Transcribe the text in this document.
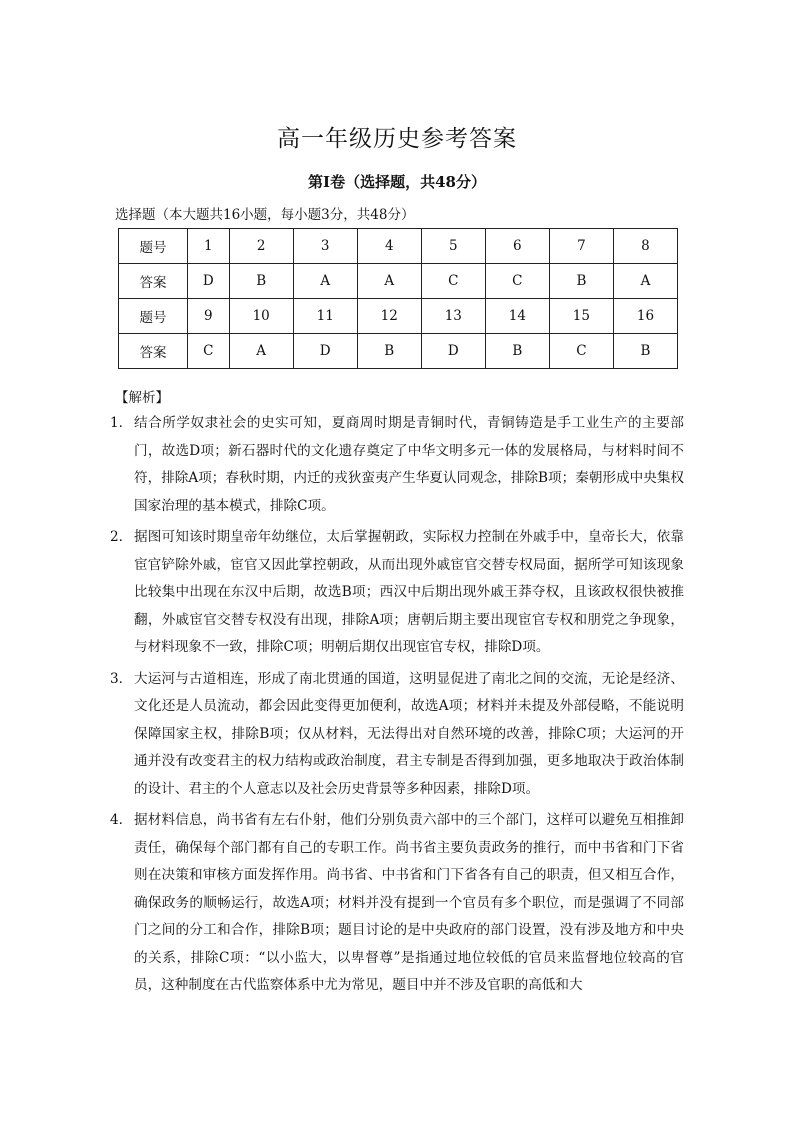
高一年级历史参考答案
第Ⅰ卷（选择题，共48分）
选择题（本大题共16小题，每小题3分，共48分）
题号	1	2	3	4	5	6	7	8
答案	D	B	A	A	C	C	B	A
题号	9	10	11	12	13	14	15	16
答案	C	A	D	B	D	B	C	B
【解析】
1． 结合所学奴隶社会的史实可知，夏商周时期是青铜时代，青铜铸造是手工业生产的主要部门，故选D项；新石器时代的文化遗存奠定了中华文明多元一体的发展格局，与材料时间不符，排除A项；春秋时期，内迁的戎狄蛮夷产生华夏认同观念，排除B项；秦朝形成中央集权国家治理的基本模式，排除C项。
2． 据图可知该时期皇帝年幼继位，太后掌握朝政，实际权力控制在外戚手中，皇帝长大，依靠宦官铲除外戚，宦官又因此掌控朝政，从而出现外戚宦官交替专权局面，据所学可知该现象比较集中出现在东汉中后期，故选B项；西汉中后期出现外戚王莽夺权，且该政权很快被推翻，外戚宦官交替专权没有出现，排除A项；唐朝后期主要出现宦官专权和朋党之争现象，与材料现象不一致，排除C项；明朝后期仅出现宦官专权，排除D项。
3． 大运河与古道相连，形成了南北贯通的国道，这明显促进了南北之间的交流，无论是经济、文化还是人员流动，都会因此变得更加便利，故选A项；材料并未提及外部侵略，不能说明保障国家主权，排除B项；仅从材料，无法得出对自然环境的改善，排除C项；大运河的开通并没有改变君主的权力结构或政治制度，君主专制是否得到加强，更多地取决于政治体制的设计、君主的个人意志以及社会历史背景等多种因素，排除D项。
4． 据材料信息，尚书省有左右仆射，他们分别负责六部中的三个部门，这样可以避免互相推卸责任，确保每个部门都有自己的专职工作。尚书省主要负责政务的推行，而中书省和门下省则在决策和审核方面发挥作用。尚书省、中书省和门下省各有自己的职责，但又相互合作，确保政务的顺畅运行，故选A项；材料并没有提到一个官员有多个职位，而是强调了不同部门之间的分工和合作，排除B项；题目讨论的是中央政府的部门设置，没有涉及地方和中央的关系，排除C项：“以小监大，以卑督尊”是指通过地位较低的官员来监督地位较高的官员，这种制度在古代监察体系中尤为常见，题目中并不涉及官职的高低和大
